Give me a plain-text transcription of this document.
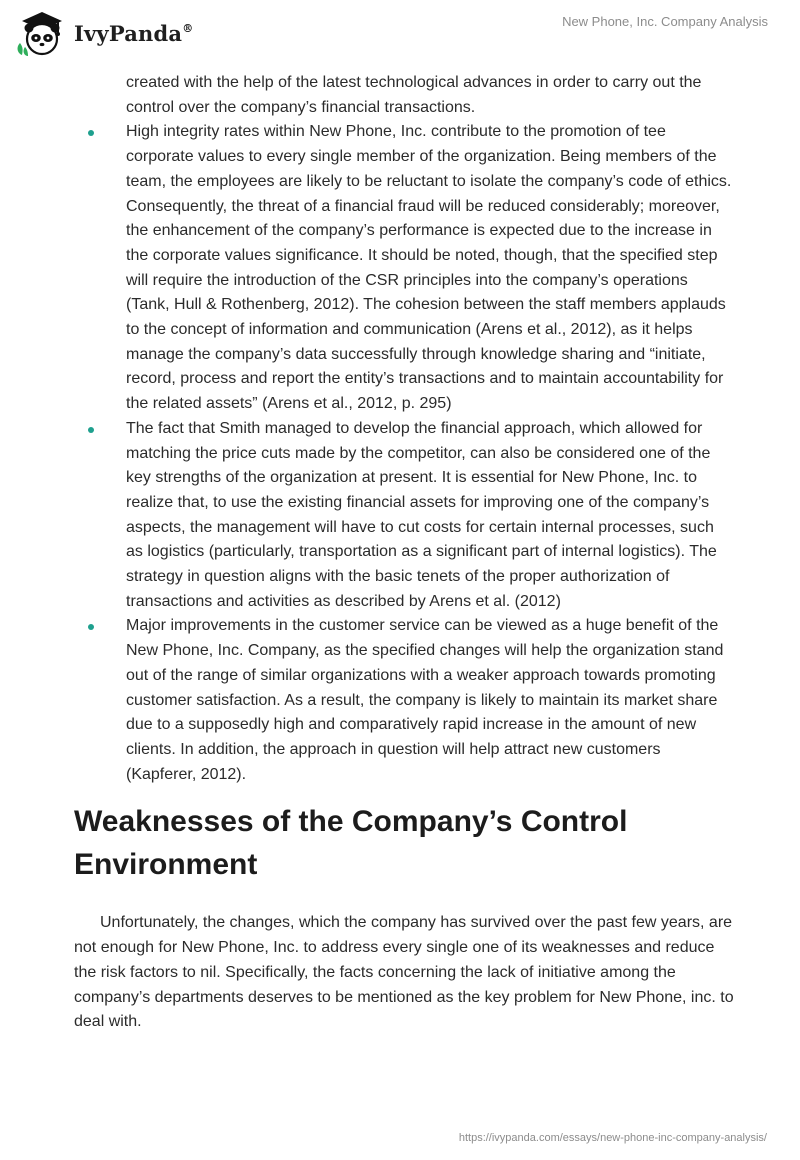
IvyPanda®	New Phone, Inc. Company Analysis
created with the help of the latest technological advances in order to carry out the control over the company’s financial transactions.
High integrity rates within New Phone, Inc. contribute to the promotion of tee corporate values to every single member of the organization. Being members of the team, the employees are likely to be reluctant to isolate the company’s code of ethics. Consequently, the threat of a financial fraud will be reduced considerably; moreover, the enhancement of the company’s performance is expected due to the increase in the corporate values significance. It should be noted, though, that the specified step will require the introduction of the CSR principles into the company’s operations (Tank, Hull & Rothenberg, 2012). The cohesion between the staff members applauds to the concept of information and communication (Arens et al., 2012), as it helps manage the company’s data successfully through knowledge sharing and “initiate, record, process and report the entity’s transactions and to maintain accountability for the related assets” (Arens et al., 2012, p. 295)
The fact that Smith managed to develop the financial approach, which allowed for matching the price cuts made by the competitor, can also be considered one of the key strengths of the organization at present. It is essential for New Phone, Inc. to realize that, to use the existing financial assets for improving one of the company’s aspects, the management will have to cut costs for certain internal processes, such as logistics (particularly, transportation as a significant part of internal logistics). The strategy in question aligns with the basic tenets of the proper authorization of transactions and activities as described by Arens et al. (2012)
Major improvements in the customer service can be viewed as a huge benefit of the New Phone, Inc. Company, as the specified changes will help the organization stand out of the range of similar organizations with a weaker approach towards promoting customer satisfaction. As a result, the company is likely to maintain its market share due to a supposedly high and comparatively rapid increase in the amount of new clients. In addition, the approach in question will help attract new customers (Kapferer, 2012).
Weaknesses of the Company’s Control Environment

Unfortunately, the changes, which the company has survived over the past few years, are not enough for New Phone, Inc. to address every single one of its weaknesses and reduce the risk factors to nil. Specifically, the facts concerning the lack of initiative among the company’s departments deserves to be mentioned as the key problem for New Phone, inc. to deal with.

https://ivypanda.com/essays/new-phone-inc-company-analysis/
